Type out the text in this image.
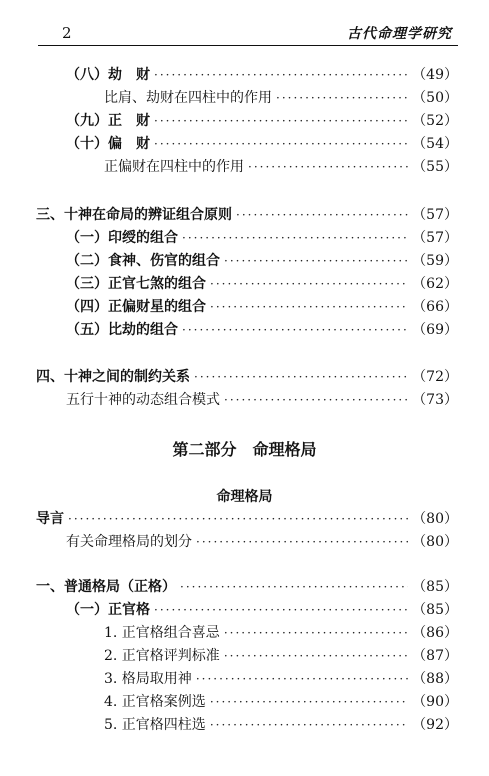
2	古代命理学研究
（八）劫　财 ·····	（49）
比肩、劫财在四柱中的作用 ·····	（50）
（九）正　财 ·····	（52）
（十）偏　财 ·····	（54）
正偏财在四柱中的作用 ·····	（55）
三、十神在命局的辨证组合原则 ·····	（57）
（一）印绶的组合 ·····	（57）
（二）食神、伤官的组合 ·····	（59）
（三）正官七煞的组合 ·····	（62）
（四）正偏财星的组合 ·····	（66）
（五）比劫的组合 ·····	（69）
四、十神之间的制约关系 ·····	（72）
五行十神的动态组合模式 ·····	（73）
第二部分　命理格局
命理格局
导言 ·····	（80）
有关命理格局的划分 ·····	（80）
一、普通格局（正格） ·····	（85）
（一）正官格 ·····	（85）
1. 正官格组合喜忌 ·····	（86）
2. 正官格评判标准 ·····	（87）
3. 格局取用神 ·····	（88）
4. 正官格案例选 ·····	（90）
5. 正官格四柱选 ·····	（92）
